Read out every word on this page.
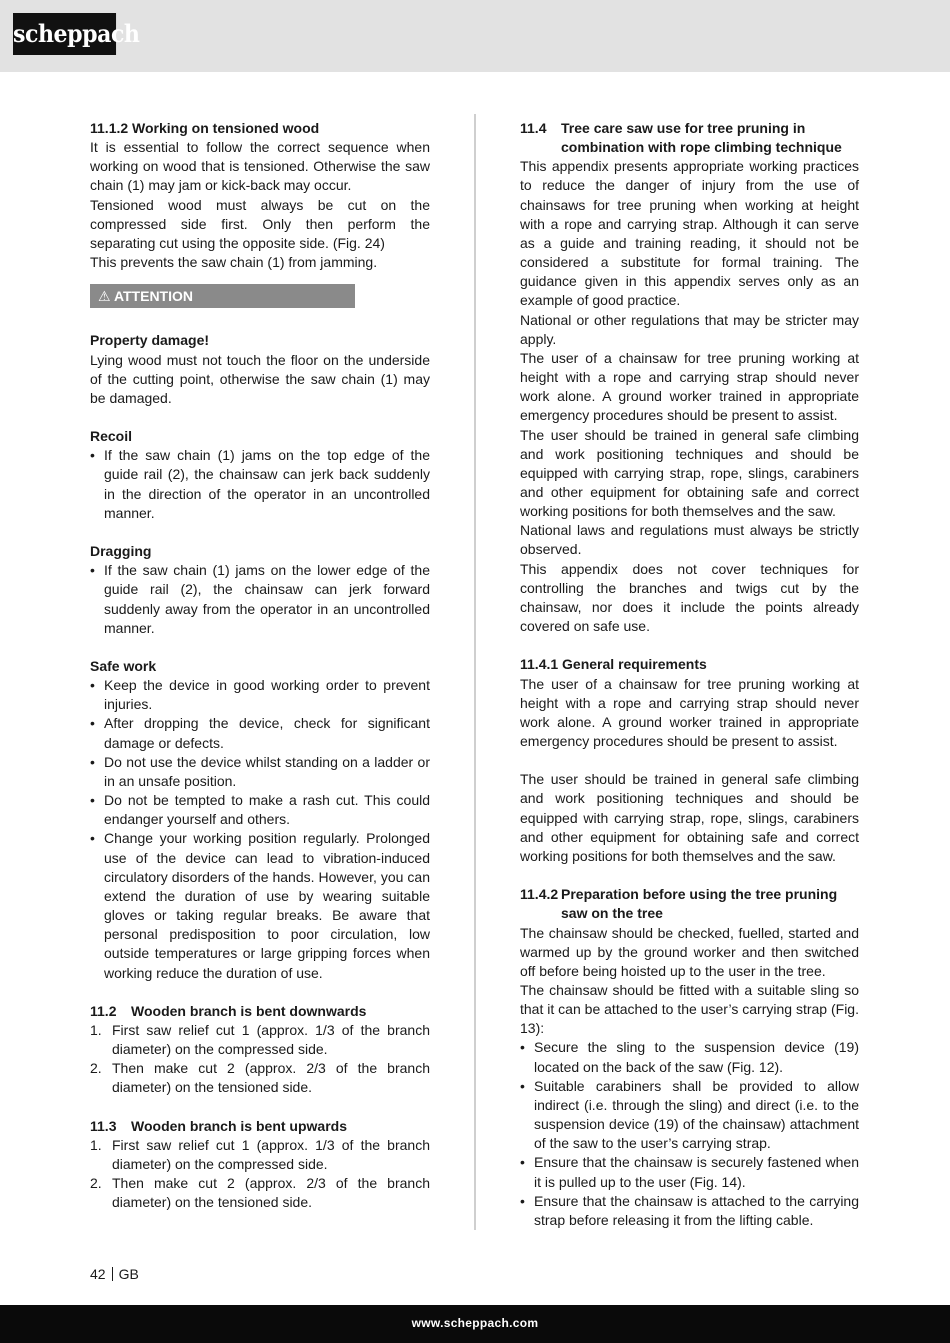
scheppach

11.1.2 Working on tensioned wood

It is essential to follow the correct sequence when working on wood that is tensioned. Otherwise the saw chain (1) may jam or kick-back may occur.

Tensioned wood must always be cut on the compressed side first. Only then perform the separating cut using the opposite side. (Fig. 24)

This prevents the saw chain (1) from jamming.

⚠ ATTENTION

Property damage!

Lying wood must not touch the floor on the underside of the cutting point, otherwise the saw chain (1) may be damaged.

Recoil

• If the saw chain (1) jams on the top edge of the guide rail (2), the chainsaw can jerk back suddenly in the direction of the operator in an uncontrolled manner.

Dragging

• If the saw chain (1) jams on the lower edge of the guide rail (2), the chainsaw can jerk forward suddenly away from the operator in an uncontrolled manner.

Safe work

• Keep the device in good working order to prevent injuries.
• After dropping the device, check for significant damage or defects.
• Do not use the device whilst standing on a ladder or in an unsafe position.
• Do not be tempted to make a rash cut. This could endanger yourself and others.
• Change your working position regularly. Prolonged use of the device can lead to vibration-induced circulatory disorders of the hands. However, you can extend the duration of use by wearing suitable gloves or taking regular breaks. Be aware that personal predisposition to poor circulation, low outside temperatures or large gripping forces when working reduce the duration of use.
11.2	Wooden branch is bent downwards
1. First saw relief cut 1 (approx. 1/3 of the branch diameter) on the compressed side.
2. Then make cut 2 (approx. 2/3 of the branch diameter) on the tensioned side.
11.3	Wooden branch is bent upwards
1. First saw relief cut 1 (approx. 1/3 of the branch diameter) on the compressed side.
2. Then make cut 2 (approx. 2/3 of the branch diameter) on the tensioned side.
11.4	Tree care saw use for tree pruning in combination with rope climbing technique

This appendix presents appropriate working practices to reduce the danger of injury from the use of chainsaws for tree pruning when working at height with a rope and carrying strap. Although it can serve as a guide and training reading, it should not be considered a substitute for formal training. The guidance given in this appendix serves only as an example of good practice.

National or other regulations that may be stricter may apply.

The user of a chainsaw for tree pruning working at height with a rope and carrying strap should never work alone. A ground worker trained in appropriate emergency procedures should be present to assist.

The user should be trained in general safe climbing and work positioning techniques and should be equipped with carrying strap, rope, slings, carabiners and other equipment for obtaining safe and correct working positions for both themselves and the saw.

National laws and regulations must always be strictly observed.

This appendix does not cover techniques for controlling the branches and twigs cut by the chainsaw, nor does it include the points already covered on safe use.

11.4.1 General requirements

The user of a chainsaw for tree pruning working at height with a rope and carrying strap should never work alone. A ground worker trained in appropriate emergency procedures should be present to assist.

The user should be trained in general safe climbing and work positioning techniques and should be equipped with carrying strap, rope, slings, carabiners and other equipment for obtaining safe and correct working positions for both themselves and the saw.

11.4.2 Preparation before using the tree pruning saw on the tree

The chainsaw should be checked, fuelled, started and warmed up by the ground worker and then switched off before being hoisted up to the user in the tree.

The chainsaw should be fitted with a suitable sling so that it can be attached to the user’s carrying strap (Fig. 13):

• Secure the sling to the suspension device (19) located on the back of the saw (Fig. 12).
• Suitable carabiners shall be provided to allow indirect (i.e. through the sling) and direct (i.e. to the suspension device (19) of the chainsaw) attachment of the saw to the user’s carrying strap.
• Ensure that the chainsaw is securely fastened when it is pulled up to the user (Fig. 14).
• Ensure that the chainsaw is attached to the carrying strap before releasing it from the lifting cable.
42 GB
www.scheppach.com
